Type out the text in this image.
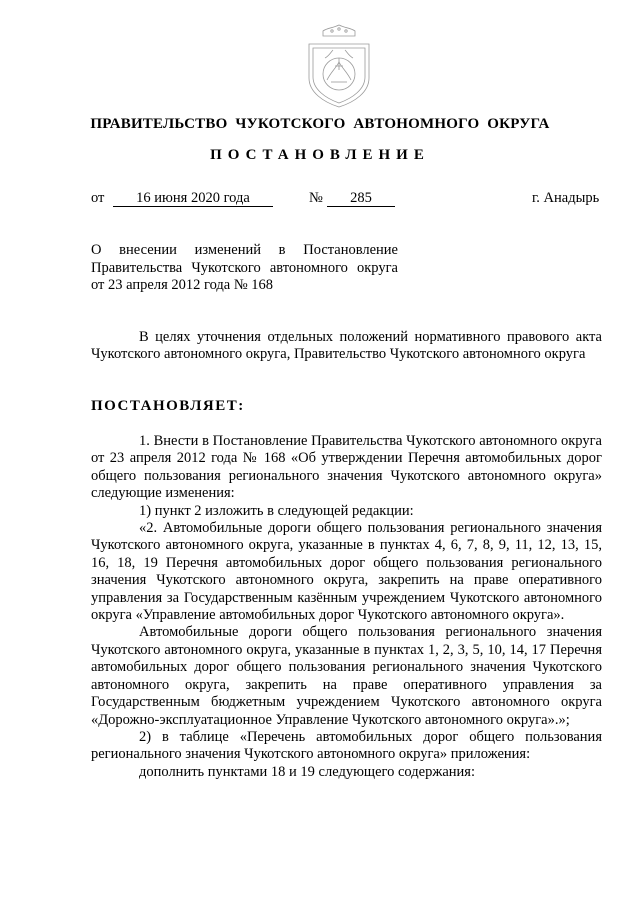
ПРАВИТЕЛЬСТВО ЧУКОТСКОГО АВТОНОМНОГО ОКРУГА
ПОСТАНОВЛЕНИЕ
от	16 июня 2020 года	№	285	г. Анадырь
О внесении изменений в Постановление
Правительства Чукотского автономного округа
от 23 апреля 2012 года № 168

В целях уточнения отдельных положений нормативного правового акта Чукотского автономного округа, Правительство Чукотского автономного округа

ПОСТАНОВЛЯЕТ:

1. Внести в Постановление Правительства Чукотского автономного округа от 23 апреля 2012 года № 168 «Об утверждении Перечня автомобильных дорог общего пользования регионального значения Чукотского автономного округа» следующие изменения:

1) пункт 2 изложить в следующей редакции:

«2. Автомобильные дороги общего пользования регионального значения Чукотского автономного округа, указанные в пунктах 4, 6, 7, 8, 9, 11, 12, 13, 15, 16, 18, 19 Перечня автомобильных дорог общего пользования регионального значения Чукотского автономного округа, закрепить на праве оперативного управления за Государственным казённым учреждением Чукотского автономного округа «Управление автомобильных дорог Чукотского автономного округа».

Автомобильные дороги общего пользования регионального значения Чукотского автономного округа, указанные в пунктах 1, 2, 3, 5, 10, 14, 17 Перечня автомобильных дорог общего пользования регионального значения Чукотского автономного округа, закрепить на праве оперативного управления за Государственным бюджетным учреждением Чукотского автономного округа «Дорожно-эксплуатационное Управление Чукотского автономного округа».»;

2) в таблице «Перечень автомобильных дорог общего пользования регионального значения Чукотского автономного округа» приложения:

дополнить пунктами 18 и 19 следующего содержания:
